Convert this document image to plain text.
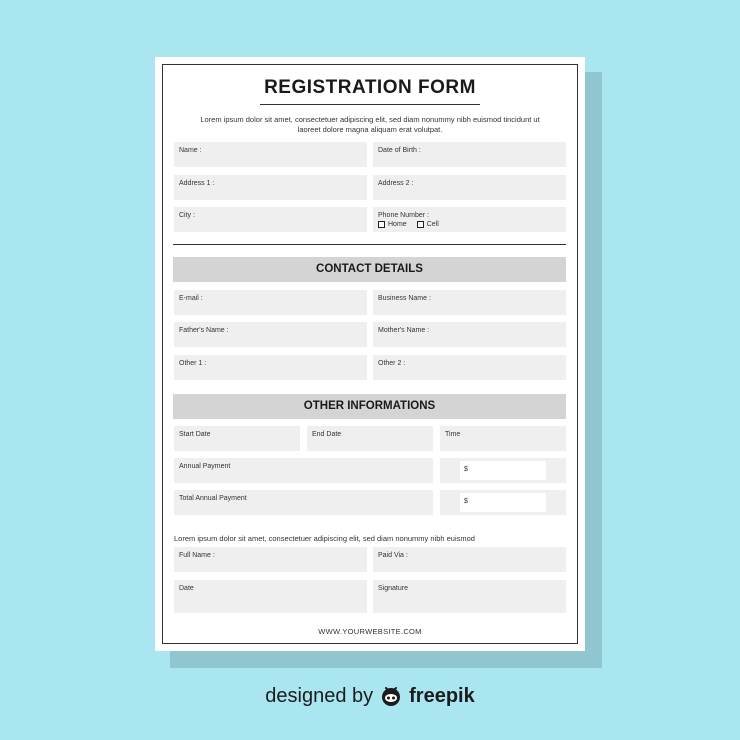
REGISTRATION FORM
Lorem ipsum dolor sit amet, consectetuer adipiscing elit, sed diam nonummy nibh euismod tincidunt ut laoreet dolore magna aliquam erat volutpat.
Name :	Date of Birth :
Address 1 :	Address 2 :
City :	Phone Number :
Home	Cell
CONTACT DETAILS
E-mail :	Business Name :
Father's Name :	Mother's Name :
Other 1 :	Other 2 :
OTHER INFORMATIONS
Start Date	End Date	Time
Annual Payment	$
Total Annual Payment	$
Lorem ipsum dolor sit amet, consectetuer adipiscing elit, sed diam nonummy nibh euismod
Full Name :	Paid Via :
Date	Signature
WWW.YOURWEBSITE.COM
designed by freepik
